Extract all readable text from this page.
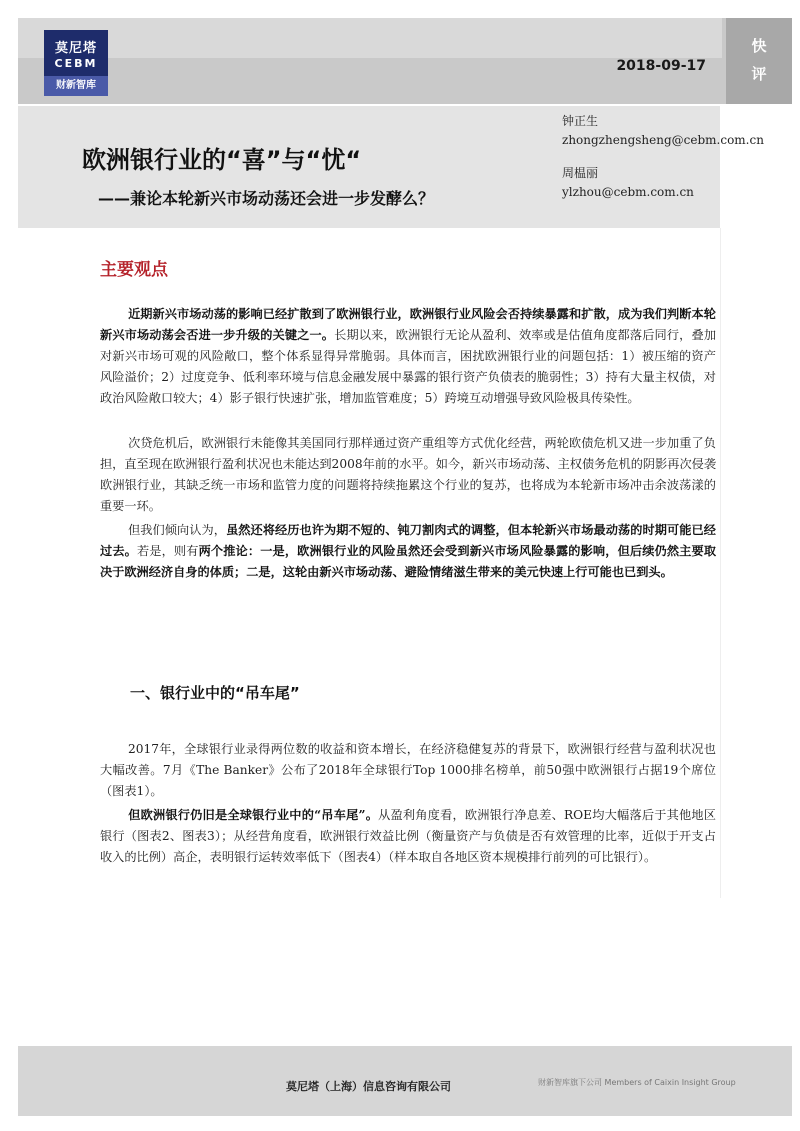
莫尼塔
CEBM
财新智库
2018-09-17
快
评
欧洲银行业的“喜”与“忧“
——兼论本轮新兴市场动荡还会进一步发酵么？
钟正生
zhongzhengsheng@cebm.com.cn
周榅丽
ylzhou@cebm.com.cn
主要观点
近期新兴市场动荡的影响已经扩散到了欧洲银行业，欧洲银行业风险会否持续暴露和扩散，成为我们判断本轮新兴市场动荡会否进一步升级的关键之一。长期以来，欧洲银行无论从盈利、效率或是估值角度都落后同行，叠加对新兴市场可观的风险敞口，整个体系显得异常脆弱。具体而言，困扰欧洲银行业的问题包括：1）被压缩的资产风险溢价；2）过度竞争、低利率环境与信息金融发展中暴露的银行资产负债表的脆弱性；3）持有大量主权债，对政治风险敞口较大；4）影子银行快速扩张，增加监管难度；5）跨境互动增强导致风险极具传染性。
次贷危机后，欧洲银行未能像其美国同行那样通过资产重组等方式优化经营，两轮欧债危机又进一步加重了负担，直至现在欧洲银行盈利状况也未能达到2008年前的水平。如今，新兴市场动荡、主权债务危机的阴影再次侵袭欧洲银行业，其缺乏统一市场和监管力度的问题将持续拖累这个行业的复苏，也将成为本轮新市场冲击余波荡漾的重要一环。
但我们倾向认为，虽然还将经历也许为期不短的、钝刀割肉式的调整，但本轮新兴市场最动荡的时期可能已经过去。若是，则有两个推论：一是，欧洲银行业的风险虽然还会受到新兴市场风险暴露的影响，但后续仍然主要取决于欧洲经济自身的体质；二是，这轮由新兴市场动荡、避险情绪滋生带来的美元快速上行可能也已到头。
一、银行业中的“吊车尾”
2017年，全球银行业录得两位数的收益和资本增长，在经济稳健复苏的背景下，欧洲银行经营与盈利状况也大幅改善。7月《The Banker》公布了2018年全球银行Top 1000排名榜单，前50强中欧洲银行占据19个席位（图表1）。
但欧洲银行仍旧是全球银行业中的“吊车尾”。从盈利角度看，欧洲银行净息差、ROE均大幅落后于其他地区银行（图表2、图表3）；从经营角度看，欧洲银行效益比例（衡量资产与负债是否有效管理的比率，近似于开支占收入的比例）高企，表明银行运转效率低下（图表4）（样本取自各地区资本规模排行前列的可比银行）。
莫尼塔（上海）信息咨询有限公司	财新智库旗下公司 Members of Caixin Insight Group
